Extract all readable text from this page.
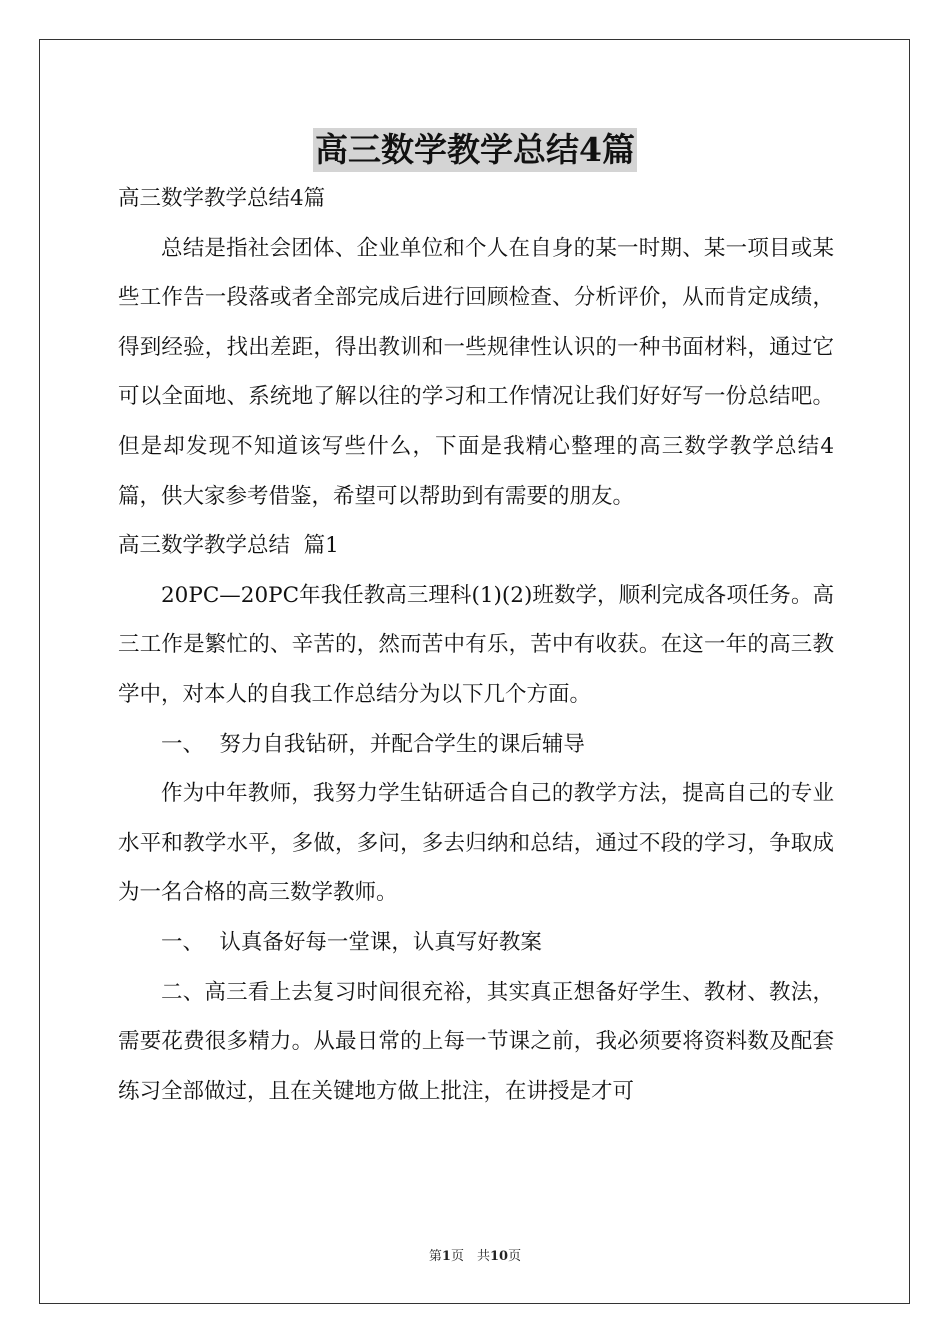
高三数学教学总结4篇

高三数学教学总结4篇

总结是指社会团体、企业单位和个人在自身的某一时期、某一项目或某些工作告一段落或者全部完成后进行回顾检查、分析评价，从而肯定成绩，得到经验，找出差距，得出教训和一些规律性认识的一种书面材料，通过它可以全面地、系统地了解以往的学习和工作情况让我们好好写一份总结吧。但是却发现不知道该写些什么，下面是我精心整理的高三数学教学总结4篇，供大家参考借鉴，希望可以帮助到有需要的朋友。

高三数学教学总结  篇1

20PC—20PC年我任教高三理科(1)(2)班数学，顺利完成各项任务。高三工作是繁忙的、辛苦的，然而苦中有乐，苦中有收获。在这一年的高三教学中，对本人的自我工作总结分为以下几个方面。

一、 努力自我钻研，并配合学生的课后辅导

作为中年教师，我努力学生钻研适合自己的教学方法，提高自己的专业水平和教学水平，多做，多问，多去归纳和总结，通过不段的学习，争取成为一名合格的高三数学教师。

一、 认真备好每一堂课，认真写好教案

二、高三看上去复习时间很充裕，其实真正想备好学生、教材、教法，需要花费很多精力。从最日常的上每一节课之前，我必须要将资料数及配套练习全部做过，且在关键地方做上批注，在讲授是才可

第1页　共10页
